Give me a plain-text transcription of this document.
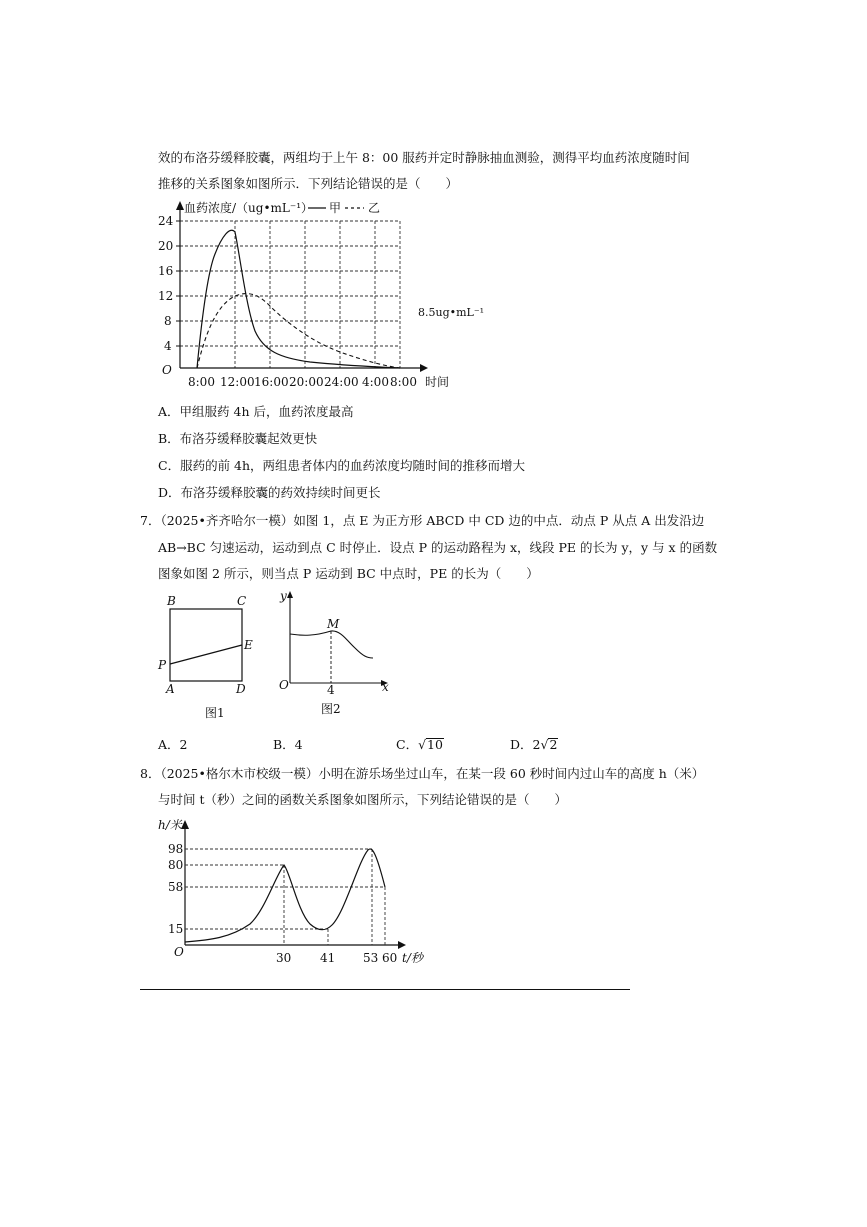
效的布洛芬缓释胶囊，两组均于上午 8：00 服药并定时静脉抽血测验，测得平均血药浓度随时间
推移的关系图象如图所示．下列结论错误的是（　　）
24
20
16
12
8
4
O
8:00 12:00 16:00 20:00 24:00 4:00 8:00 时间
血药浓度/（ug•mL⁻¹） 甲 乙
8.5ug•mL⁻¹
A．甲组服药 4h 后，血药浓度最高
B．布洛芬缓释胶囊起效更快
C．服药的前 4h，两组患者体内的血药浓度均随时间的推移而增大
D．布洛芬缓释胶囊的药效持续时间更长
7．（2025•齐齐哈尔一模）如图 1，点 E 为正方形 ABCD 中 CD 边的中点．动点 P 从点 A 出发沿边
AB→BC 匀速运动，运动到点 C 时停止．设点 P 的运动路程为 x，线段 PE 的长为 y，y 与 x 的函数
图象如图 2 所示，则当点 P 运动到 BC 中点时，PE 的长为（　　）
B	C
E
P
A	D
图1
y
x
O	4
M
图2
A．2	B．4	C．√10	D．2√2
8．（2025•格尔木市校级一模）小明在游乐场坐过山车，在某一段 60 秒时间内过山车的高度 h（米）
与时间 t（秒）之间的函数关系图象如图所示，下列结论错误的是（　　）
h/米
98
80
58
15
O	30 41 53 60 t/秒
